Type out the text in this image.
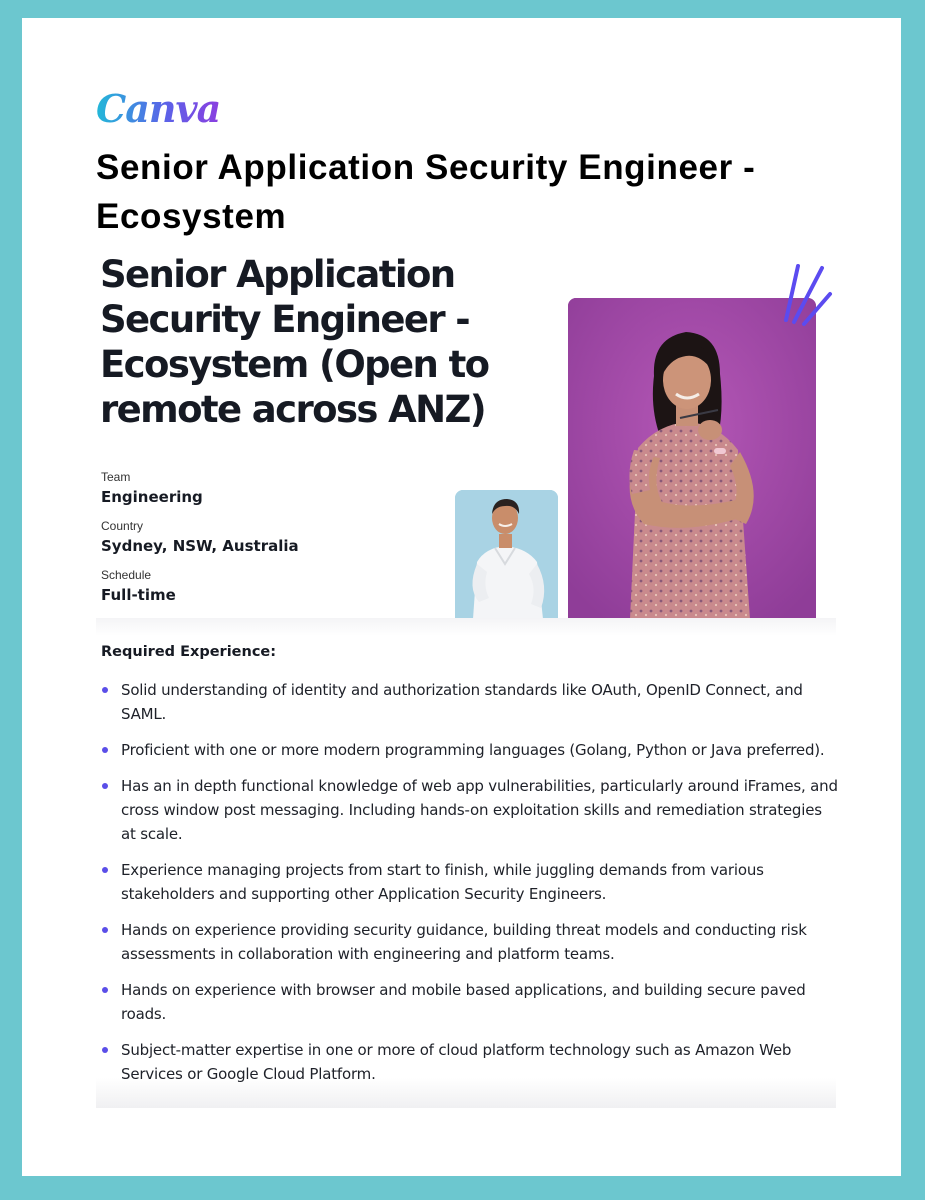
Canva
Senior Application Security Engineer - Ecosystem
Senior Application Security Engineer - Ecosystem (Open to remote across ANZ)
Team
Engineering
Country
Sydney, NSW, Australia
Schedule
Full-time
Required Experience:
Solid understanding of identity and authorization standards like OAuth, OpenID Connect, and SAML.
Proficient with one or more modern programming languages (Golang, Python or Java preferred).
Has an in depth functional knowledge of web app vulnerabilities, particularly around iFrames, and cross window post messaging. Including hands-on exploitation skills and remediation strategies at scale.
Experience managing projects from start to finish, while juggling demands from various stakeholders and supporting other Application Security Engineers.
Hands on experience providing security guidance, building threat models and conducting risk assessments in collaboration with engineering and platform teams.
Hands on experience with browser and mobile based applications, and building secure paved roads.
Subject-matter expertise in one or more of cloud platform technology such as Amazon Web Services or Google Cloud Platform.
